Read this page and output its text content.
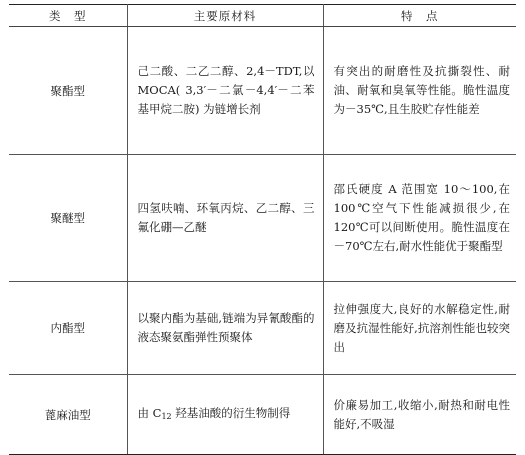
类　型	主要原材料	特　点
聚酯型	己二酸、二乙二醇、2,4－TDT,以 MOCA( 3,3′－二氯－4,4′－二苯基甲烷二胺) 为链增长剂	有突出的耐磨性及抗撕裂性、耐油、耐氧和臭氧等性能。脆性温度为－35℃,且生胶贮存性能差
聚醚型	四氢呋喃、环氧丙烷、乙二醇、三氟化硼—乙醚	邵氏硬度 A 范围宽 10～100,在 100℃空气下性能减损很少,在 120℃可以间断使用。脆性温度在－70℃左右,耐水性能优于聚酯型
内酯型	以聚内酯为基础,链端为异氰酸酯的液态聚氨酯弹性预聚体	拉伸强度大,良好的水解稳定性,耐磨及抗湿性能好,抗溶剂性能也较突出
蓖麻油型	由 $C_{12}$ 羟基油酸的衍生物制得	价廉易加工,收缩小,耐热和耐电性能好,不吸湿
